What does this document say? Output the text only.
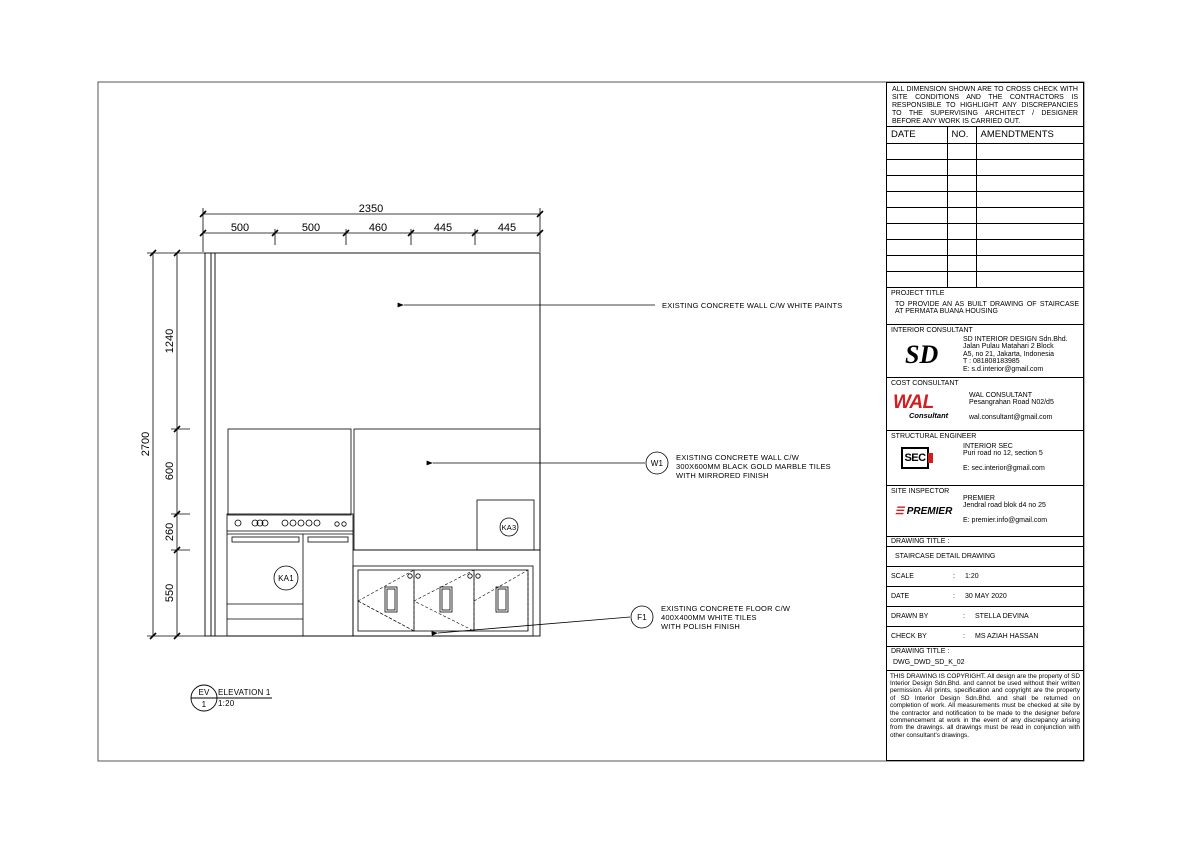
2350
500	500	460	445	445
2700
1240
600
260
550
KA1
KA3
EXISTING CONCRETE WALL C/W WHITE PAINTS
W1
EXISTING CONCRETE WALL C/W
300X600MM BLACK GOLD MARBLE TILES
WITH MIRRORED FINISH
F1
EXISTING CONCRETE FLOOR C/W
400X400MM WHITE TILES
WITH POLISH FINISH
EV
1
ELEVATION 1
1:20
ALL DIMENSION SHOWN ARE TO CROSS CHECK WITH SITE CONDITIONS AND THE CONTRACTORS IS RESPONSIBLE TO HIGHLIGHT ANY DISCREPANCIES TO THE SUPERVISING ARCHITECT / DESIGNER BEFORE ANY WORK IS CARRIED OUT.
DATE	NO.	AMENDTMENTS

PROJECT TITLE
TO PROVIDE AN AS BUILT DRAWING OF STAIRCASE AT PERMATA BUANA HOUSING
INTERIOR CONSULTANT
SD
SD INTERIOR DESIGN Sdn.Bhd.
Jalan Pulau Matahari 2 Block
A5, no 21, Jakarta, Indonesia
T : 081808183985
E: s.d.interior@gmail.com
COST CONSULTANT
WAL
Consultant
WAL CONSULTANT
Pesangrahan Road N02/d5
wal.consultant@gmail.com
STRUCTURAL ENGINEER
SEC
INTERIOR SEC
Puri road no 12, section 5
E: sec.interior@gmail.com
SITE INSPECTOR
☰ PREMIER
PREMIER
Jendral road blok d4 no 25
E: premier.info@gmail.com
DRAWING TITLE :
STAIRCASE DETAIL DRAWING
SCALE	:	1:20
DATE	:	30 MAY 2020
DRAWN BY	:	STELLA DEVINA
CHECK BY	:	MS AZIAH HASSAN
DRAWING TITLE :
DWG_DWD_SD_K_02
THIS DRAWING IS COPYRIGHT. All design are the property of SD Interior Design Sdn.Bhd. and cannot be used without their written permission. All prints, specification and copyright are the property of SD Interior Design Sdn.Bhd. and shall be returned on completion of work. All measurements must be checked at site by the contractor and notification to be made to the designer before commencement at work in the event of any discrepancy arising from the drawings. all drawings must be read in conjunction with other consultant's drawings.
